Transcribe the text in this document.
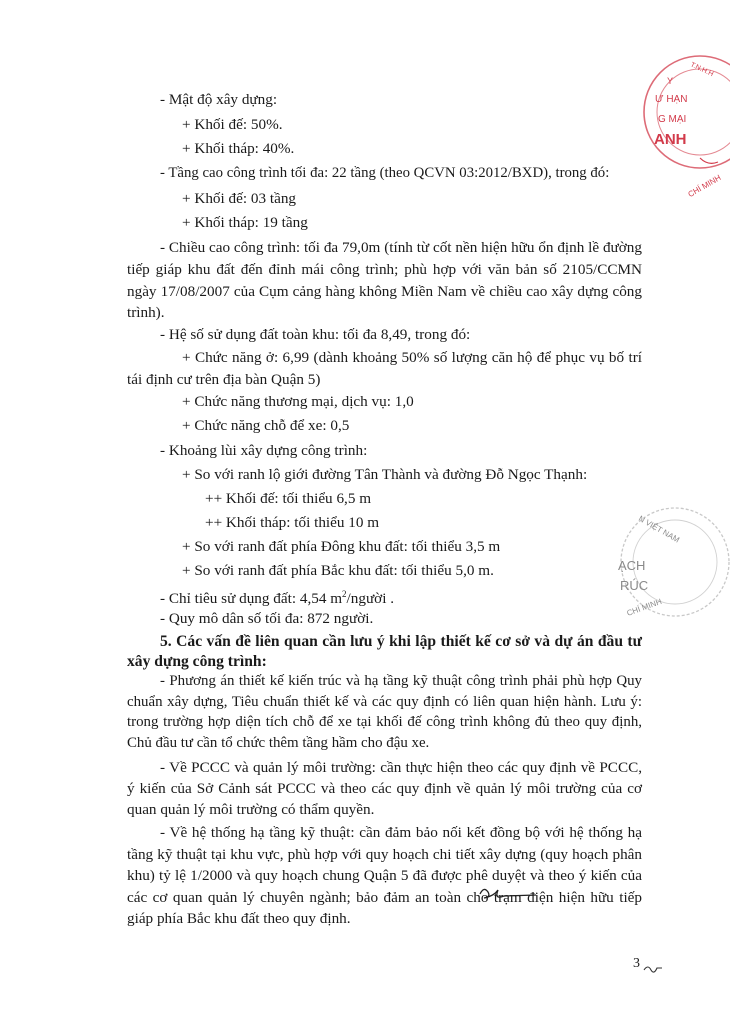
Y
Ư HẠN
G MẠI
ANH
CHÍ MINH
T.N.H.H
N VIỆT NAM
ẠCH
RÚC
CHÍ MINH
- Mật độ xây dựng:
+ Khối đế: 50%.
+ Khối tháp: 40%.
- Tầng cao công trình tối đa: 22 tầng (theo QCVN 03:2012/BXD), trong đó:
+ Khối đế: 03 tầng
+ Khối tháp: 19 tầng
- Chiều cao công trình: tối đa 79,0m (tính từ cốt nền hiện hữu ổn định lề đường tiếp giáp khu đất đến đỉnh mái công trình; phù hợp với văn bản số 2105/CCMN ngày 17/08/2007 của Cụm cảng hàng không Miền Nam về chiều cao xây dựng công trình).
- Hệ số sử dụng đất toàn khu: tối đa 8,49, trong đó:
+ Chức năng ở: 6,99 (dành khoảng 50% số lượng căn hộ để phục vụ bố trí tái định cư trên địa bàn Quận 5)
+ Chức năng thương mại, dịch vụ: 1,0
+ Chức năng chỗ để xe: 0,5
- Khoảng lùi xây dựng công trình:
+ So với ranh lộ giới đường Tân Thành và đường Đỗ Ngọc Thạnh:
++ Khối đế: tối thiểu 6,5 m
++ Khối tháp: tối thiểu 10 m
+ So với ranh đất phía Đông khu đất: tối thiểu 3,5 m
+ So với ranh đất phía Bắc khu đất: tối thiểu 5,0 m.
- Chỉ tiêu sử dụng đất: 4,54 $m^2$/người .
- Quy mô dân số tối đa: 872 người.
5. Các vấn đề liên quan cần lưu ý khi lập thiết kế cơ sở và dự án đầu tư xây dựng công trình:
- Phương án thiết kế kiến trúc và hạ tầng kỹ thuật công trình phải phù hợp Quy chuẩn xây dựng, Tiêu chuẩn thiết kế và các quy định có liên quan hiện hành. Lưu ý: trong trường hợp diện tích chỗ để xe tại khối đế công trình không đủ theo quy định, Chủ đầu tư cần tổ chức thêm tầng hầm cho đậu xe.
- Về PCCC và quản lý môi trường: cần thực hiện theo các quy định về PCCC, ý kiến của Sở Cảnh sát PCCC và theo các quy định về quản lý môi trường của cơ quan quản lý môi trường có thẩm quyền.
- Về hệ thống hạ tầng kỹ thuật: cần đảm bảo nối kết đồng bộ với hệ thống hạ tầng kỹ thuật tại khu vực, phù hợp với quy hoạch chi tiết xây dựng (quy hoạch phân khu) tỷ lệ 1/2000 và quy hoạch chung Quận 5 đã được phê duyệt và theo ý kiến của các cơ quan quản lý chuyên ngành; bảo đảm an toàn cho trạm điện hiện hữu tiếp giáp phía Bắc khu đất theo quy định.
3
